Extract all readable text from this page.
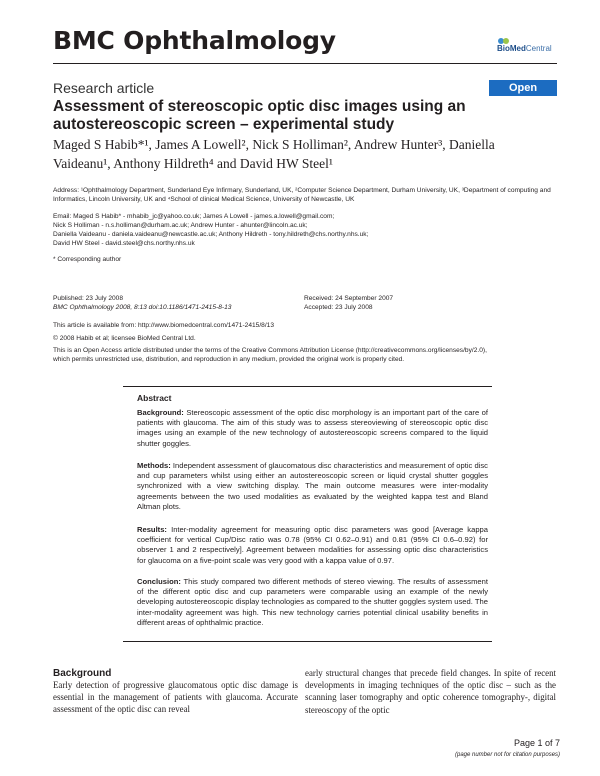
BMC Ophthalmology	BioMedCentral
Research article	Open Access
Assessment of stereoscopic optic disc images using an autostereoscopic screen – experimental study
Maged S Habib*¹, James A Lowell², Nick S Holliman², Andrew Hunter³, Daniella Vaideanu¹, Anthony Hildreth⁴ and David HW Steel¹
Address: ¹Ophthalmology Department, Sunderland Eye Infirmary, Sunderland, UK, ²Computer Science Department, Durham University, UK, ³Department of computing and Informatics, Lincoln University, UK and ⁴School of clinical Medical Science, University of Newcastle, UK
Email: Maged S Habib* - mhabib_jc@yahoo.co.uk; James A Lowell - james.a.lowell@gmail.com;
Nick S Holliman - n.s.holliman@durham.ac.uk; Andrew Hunter - ahunter@lincoln.ac.uk;
Daniella Vaideanu - daniela.vaideanu@newcastle.ac.uk; Anthony Hildreth - tony.hildreth@chs.northy.nhs.uk;
David HW Steel - david.steel@chs.northy.nhs.uk
* Corresponding author
Published: 23 July 2008
BMC Ophthalmology 2008, 8:13 doi:10.1186/1471-2415-8-13
Received: 24 September 2007
Accepted: 23 July 2008
This article is available from: http://www.biomedcentral.com/1471-2415/8/13
© 2008 Habib et al; licensee BioMed Central Ltd.
This is an Open Access article distributed under the terms of the Creative Commons Attribution License (http://creativecommons.org/licenses/by/2.0),
which permits unrestricted use, distribution, and reproduction in any medium, provided the original work is properly cited.
Abstract
Background: Stereoscopic assessment of the optic disc morphology is an important part of the care of patients with glaucoma. The aim of this study was to assess stereoviewing of stereoscopic optic disc images using an example of the new technology of autostereoscopic screens compared to the liquid shutter goggles.
Methods: Independent assessment of glaucomatous disc characteristics and measurement of optic disc and cup parameters whilst using either an autostereoscopic screen or liquid crystal shutter goggles synchronized with a view switching display. The main outcome measures were inter-modality agreements between the two used modalities as evaluated by the weighted kappa test and Bland Altman plots.
Results: Inter-modality agreement for measuring optic disc parameters was good [Average kappa coefficient for vertical Cup/Disc ratio was 0.78 (95% CI 0.62–0.91) and 0.81 (95% CI 0.6–0.92) for observer 1 and 2 respectively]. Agreement between modalities for assessing optic disc characteristics for glaucoma on a five-point scale was very good with a kappa value of 0.97.
Conclusion: This study compared two different methods of stereo viewing. The results of assessment of the different optic disc and cup parameters were comparable using an example of the newly developing autostereoscopic display technologies as compared to the shutter goggles system used. The inter-modality agreement was high. This new technology carries potential clinical usability benefits in different areas of ophthalmic practice.
Background
Early detection of progressive glaucomatous optic disc damage is essential in the management of patients with glaucoma. Accurate assessment of the optic disc can reveal
early structural changes that precede field changes. In spite of recent developments in imaging techniques of the optic disc – such as the scanning laser tomography and optic coherence tomography-, digital stereoscopy of the optic
Page 1 of 7
(page number not for citation purposes)
